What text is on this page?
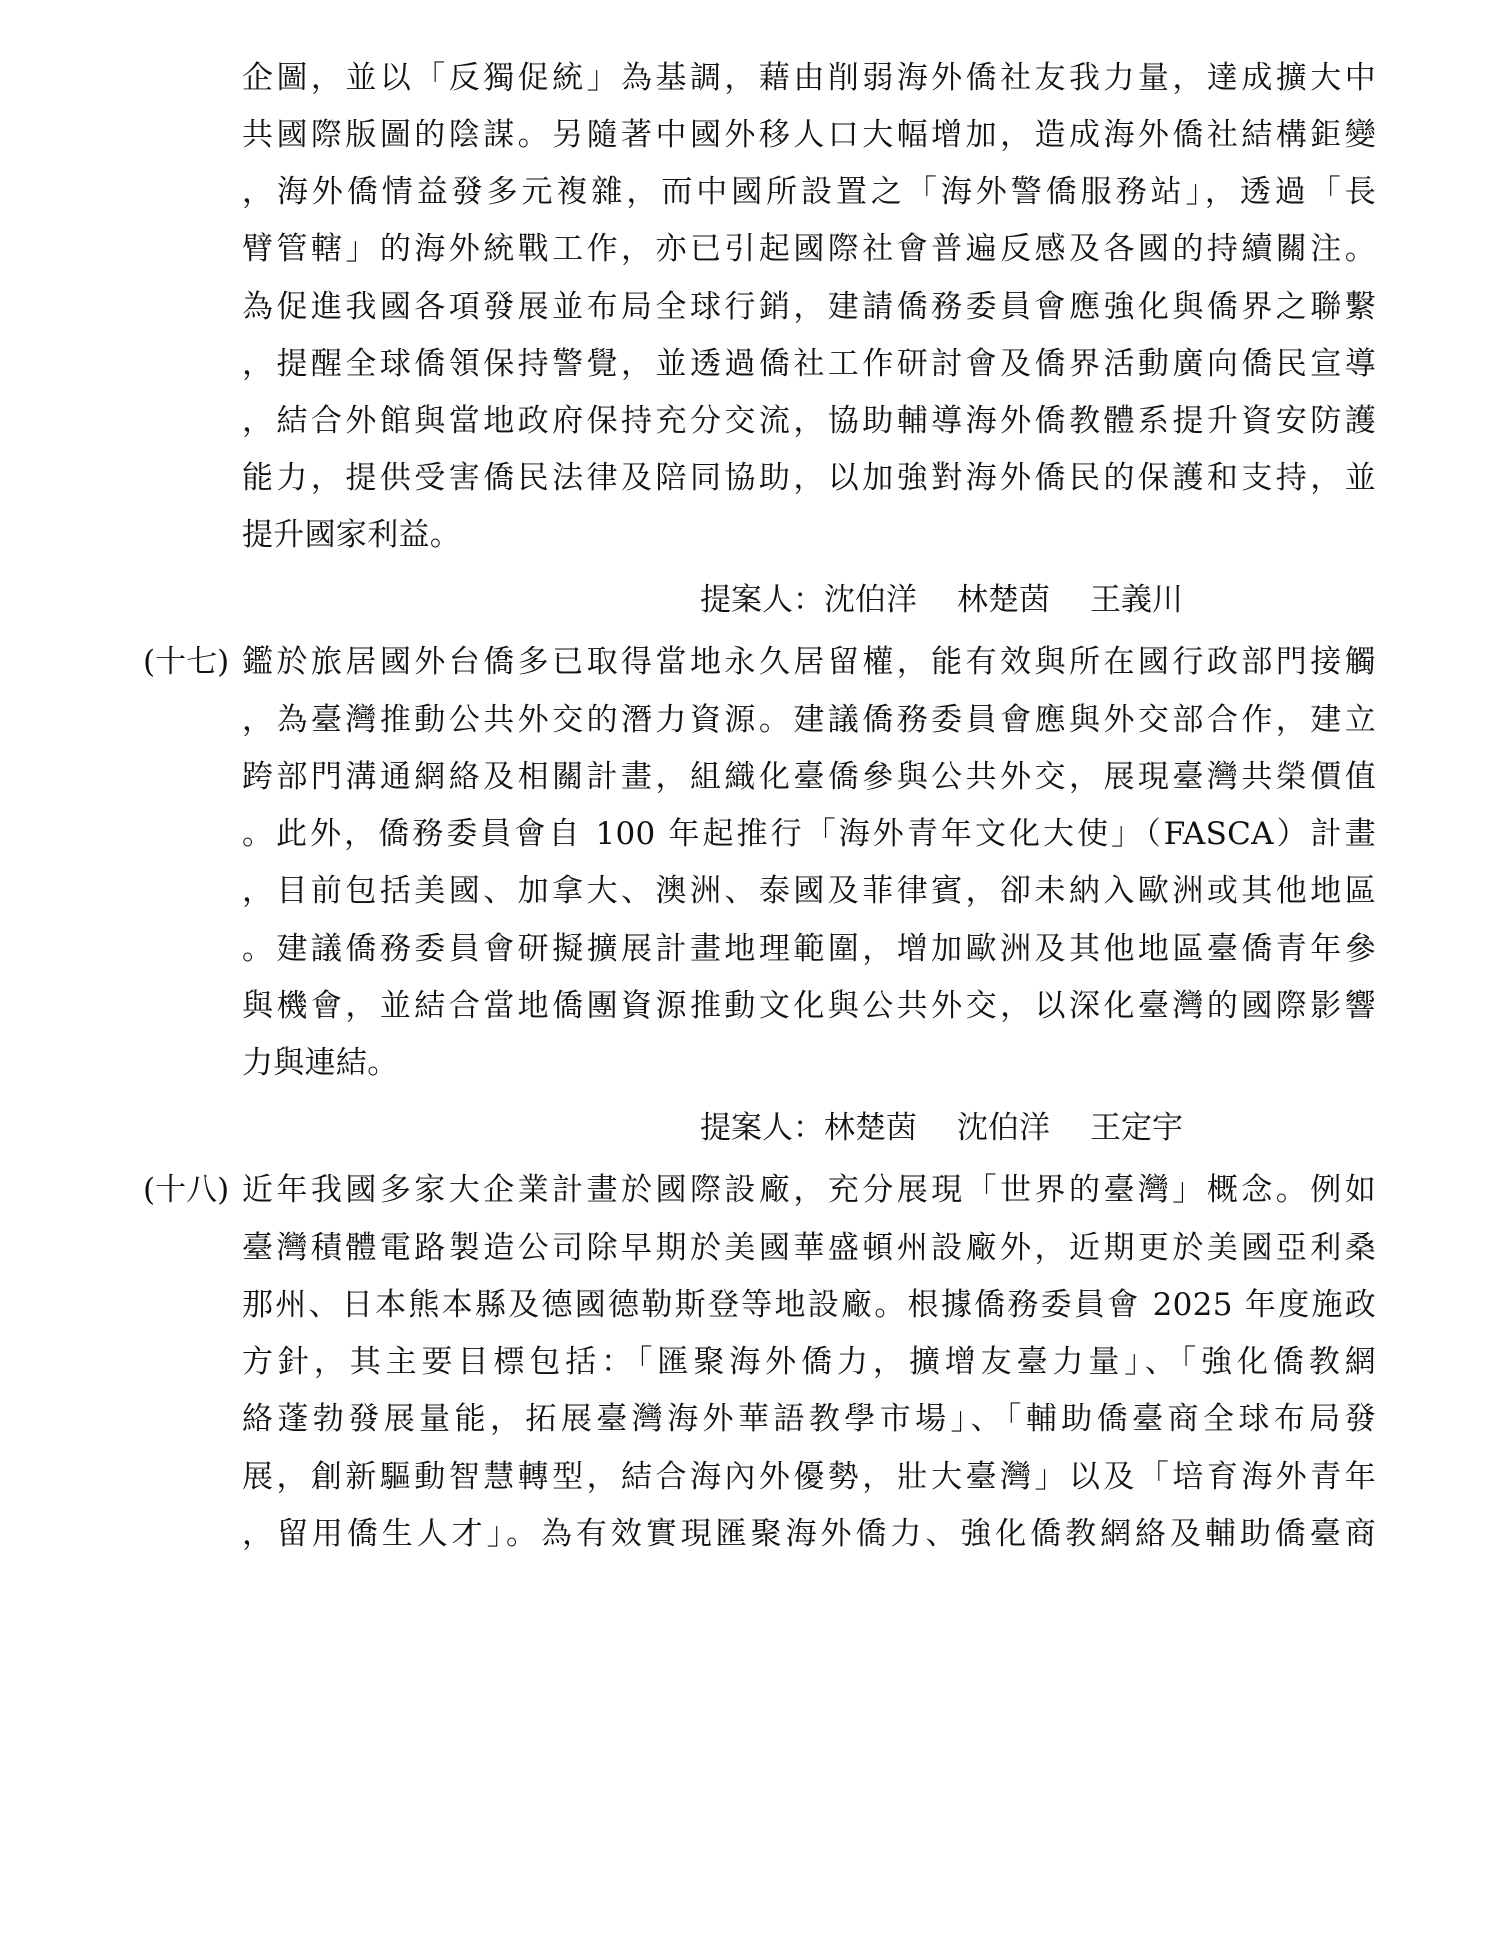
企圖，並以「反獨促統」為基調，藉由削弱海外僑社友我力量，達成擴大中
共國際版圖的陰謀。另隨著中國外移人口大幅增加，造成海外僑社結構鉅變
，海外僑情益發多元複雜，而中國所設置之「海外警僑服務站」，透過「長
臂管轄」的海外統戰工作，亦已引起國際社會普遍反感及各國的持續關注。
為促進我國各項發展並布局全球行銷，建請僑務委員會應強化與僑界之聯繫
，提醒全球僑領保持警覺，並透過僑社工作研討會及僑界活動廣向僑民宣導
，結合外館與當地政府保持充分交流，協助輔導海外僑教體系提升資安防護
能力，提供受害僑民法律及陪同協助，以加強對海外僑民的保護和支持，並
提升國家利益。
提案人：沈伯洋 林楚茵 王義川
(十七) 鑑於旅居國外台僑多已取得當地永久居留權，能有效與所在國行政部門接觸
，為臺灣推動公共外交的潛力資源。建議僑務委員會應與外交部合作，建立
跨部門溝通網絡及相關計畫，組織化臺僑參與公共外交，展現臺灣共榮價值
。此外，僑務委員會自 100 年起推行「海外青年文化大使」（FASCA）計畫
，目前包括美國、加拿大、澳洲、泰國及菲律賓，卻未納入歐洲或其他地區
。建議僑務委員會研擬擴展計畫地理範圍，增加歐洲及其他地區臺僑青年參
與機會，並結合當地僑團資源推動文化與公共外交，以深化臺灣的國際影響
力與連結。
提案人：林楚茵 沈伯洋 王定宇
(十八) 近年我國多家大企業計畫於國際設廠，充分展現「世界的臺灣」概念。例如
臺灣積體電路製造公司除早期於美國華盛頓州設廠外，近期更於美國亞利桑
那州、日本熊本縣及德國德勒斯登等地設廠。根據僑務委員會 2025 年度施政
方針，其主要目標包括：「匯聚海外僑力，擴增友臺力量」、「強化僑教網
絡蓬勃發展量能，拓展臺灣海外華語教學市場」、「輔助僑臺商全球布局發
展，創新驅動智慧轉型，結合海內外優勢，壯大臺灣」以及「培育海外青年
，留用僑生人才」。為有效實現匯聚海外僑力、強化僑教網絡及輔助僑臺商
